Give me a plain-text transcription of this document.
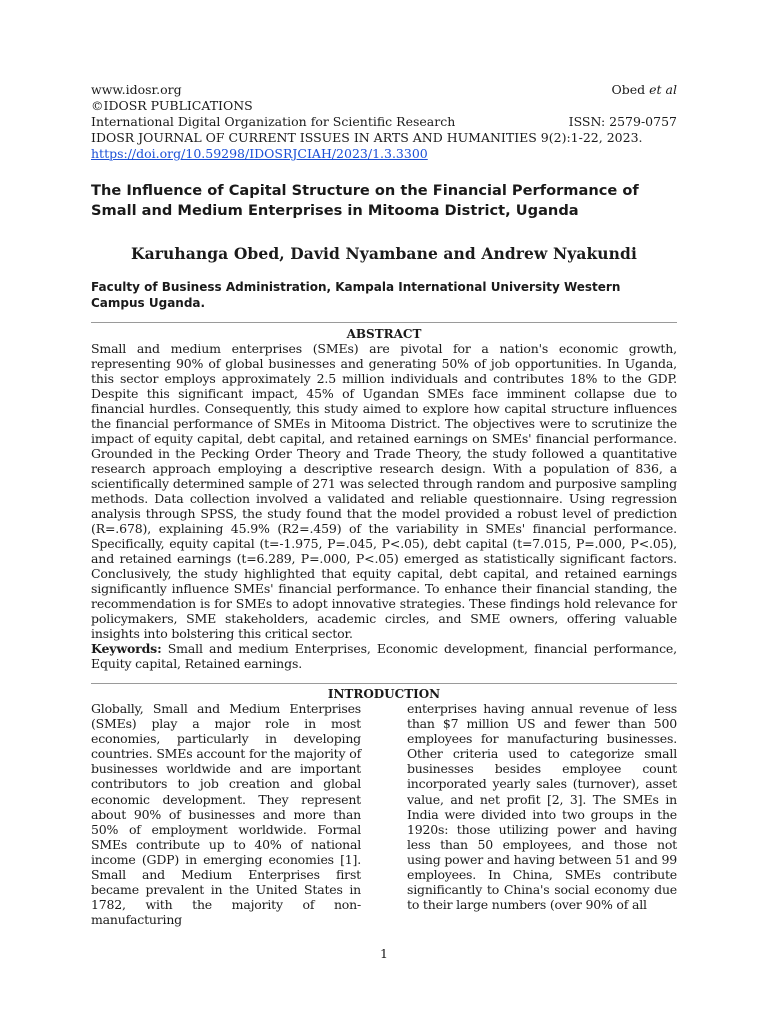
www.idosr.org	Obed et al
©IDOSR PUBLICATIONS
International Digital Organization for Scientific Research	ISSN: 2579-0757
IDOSR JOURNAL OF CURRENT ISSUES IN ARTS AND HUMANITIES 9(2):1-22, 2023.
https://doi.org/10.59298/IDOSRJCIAH/2023/1.3.3300
The Influence of Capital Structure on the Financial Performance of Small and Medium Enterprises in Mitooma District, Uganda
Karuhanga Obed, David Nyambane and Andrew Nyakundi
Faculty of Business Administration, Kampala International University Western Campus Uganda.
ABSTRACT

Small and medium enterprises (SMEs) are pivotal for a nation's economic growth, representing 90% of global businesses and generating 50% of job opportunities. In Uganda, this sector employs approximately 2.5 million individuals and contributes 18% to the GDP. Despite this significant impact, 45% of Ugandan SMEs face imminent collapse due to financial hurdles. Consequently, this study aimed to explore how capital structure influences the financial performance of SMEs in Mitooma District. The objectives were to scrutinize the impact of equity capital, debt capital, and retained earnings on SMEs' financial performance. Grounded in the Pecking Order Theory and Trade Theory, the study followed a quantitative research approach employing a descriptive research design. With a population of 836, a scientifically determined sample of 271 was selected through random and purposive sampling methods. Data collection involved a validated and reliable questionnaire. Using regression analysis through SPSS, the study found that the model provided a robust level of prediction (R=.678), explaining 45.9% (R2=.459) of the variability in SMEs' financial performance. Specifically, equity capital (t=-1.975, P=.045, P<.05), debt capital (t=7.015, P=.000, P<.05), and retained earnings (t=6.289, P=.000, P<.05) emerged as statistically significant factors. Conclusively, the study highlighted that equity capital, debt capital, and retained earnings significantly influence SMEs' financial performance. To enhance their financial standing, the recommendation is for SMEs to adopt innovative strategies. These findings hold relevance for policymakers, SME stakeholders, academic circles, and SME owners, offering valuable insights into bolstering this critical sector.

Keywords: Small and medium Enterprises, Economic development, financial performance, Equity capital, Retained earnings.

INTRODUCTION

Globally, Small and Medium Enterprises (SMEs) play a major role in most economies, particularly in developing countries. SMEs account for the majority of businesses worldwide and are important contributors to job creation and global economic development. They represent about 90% of businesses and more than 50% of employment worldwide. Formal SMEs contribute up to 40% of national income (GDP) in emerging economies [1]. Small and Medium Enterprises first became prevalent in the United States in 1782, with the majority of non-manufacturing

enterprises having annual revenue of less than $7 million US and fewer than 500 employees for manufacturing businesses. Other criteria used to categorize small businesses besides employee count incorporated yearly sales (turnover), asset value, and net profit [2, 3]. The SMEs in India were divided into two groups in the 1920s: those utilizing power and having less than 50 employees, and those not using power and having between 51 and 99 employees. In China, SMEs contribute significantly to China's social economy due to their large numbers (over 90% of all

1
